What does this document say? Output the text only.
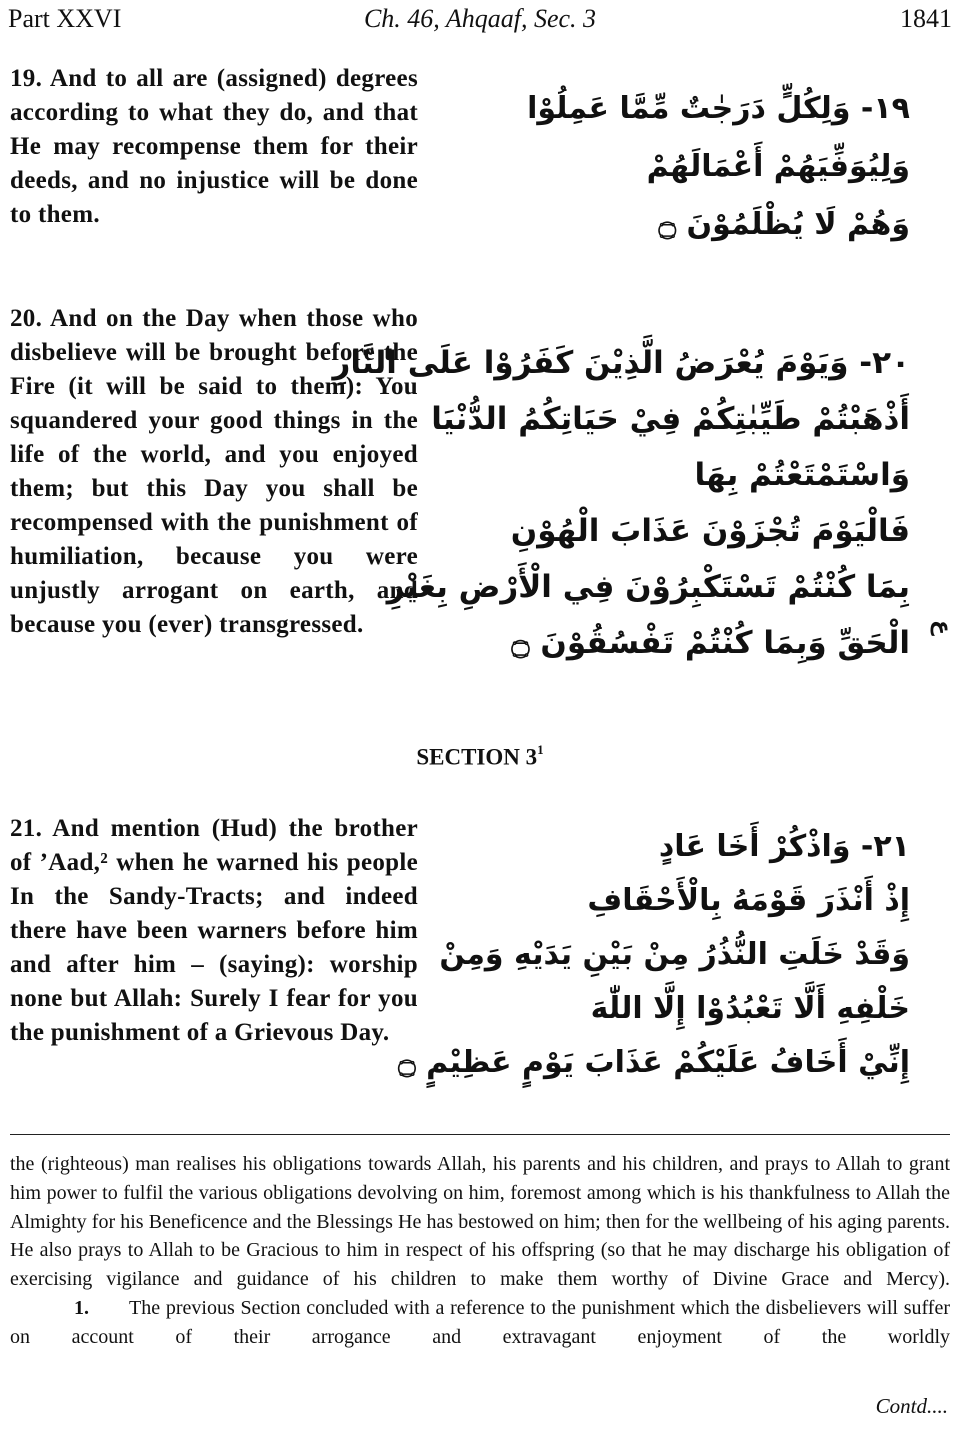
Part XXVI	Ch. 46, Ahqaaf, Sec. 3	1841
19. And to all are (assigned) degrees according to what they do, and that He may recompense them for their deeds, and no injustice will be done to them.
١٩- وَلِكُلٍّ دَرَجٰتٌ مِّمَّا عَمِلُوْا
وَلِيُوَفِّيَهُمْ أَعْمَالَهُمْ
وَهُمْ لَا يُظْلَمُوْنَ ۝
20. And on the Day when those who disbelieve will be brought before the Fire (it will be said to them): You squandered your good things in the life of the world, and you enjoyed them; but this Day you shall be recompensed with the punishment of humiliation, because you were unjustly arrogant on earth, and because you (ever) transgressed.
٢٠- وَيَوْمَ يُعْرَضُ الَّذِيْنَ كَفَرُوْا عَلَى النَّارِ
أَذْهَبْتُمْ طَيِّبٰتِكُمْ فِيْ حَيَاتِكُمُ الدُّنْيَا
وَاسْتَمْتَعْتُمْ بِهَا
فَالْيَوْمَ تُجْزَوْنَ عَذَابَ الْهُوْنِ
بِمَا كُنْتُمْ تَسْتَكْبِرُوْنَ فِي الْأَرْضِ بِغَيْرِ
الْحَقِّ وَبِمَا كُنْتُمْ تَفْسُقُوْنَ ۝ ع
SECTION $3^1$
21. And mention (Hud) the brother of ’Aad,² when he warned his people In the Sandy-Tracts; and indeed there have been warners before him and after him – (saying): worship none but Allah: Surely I fear for you the punishment of a Grievous Day.
٢١- وَاذْكُرْ أَخَا عَادٍ
إِذْ أَنْذَرَ قَوْمَهُ بِالْأَحْقَافِ
وَقَدْ خَلَتِ النُّذُرُ مِنْ بَيْنِ يَدَيْهِ وَمِنْ
خَلْفِهِ أَلَّا تَعْبُدُوْا إِلَّا اللّٰهَ
إِنِّيْ أَخَافُ عَلَيْكُمْ عَذَابَ يَوْمٍ عَظِيْمٍ ۝

the (righteous) man realises his obligations towards Allah, his parents and his children, and prays to Allah to grant him power to fulfil the various obligations devolving on him, foremost among which is his thankfulness to Allah the Almighty for his Beneficence and the Blessings He has bestowed on him; then for the wellbeing of his aging parents. He also prays to Allah to be Gracious to him in respect of his offspring (so that he may discharge his obligation of exercising vigilance and guidance of his children to make them worthy of Divine Grace and Mercy).

1. The previous Section concluded with a reference to the punishment which the disbelievers will suffer on account of their arrogance and extravagant enjoyment of the worldly

Contd....
